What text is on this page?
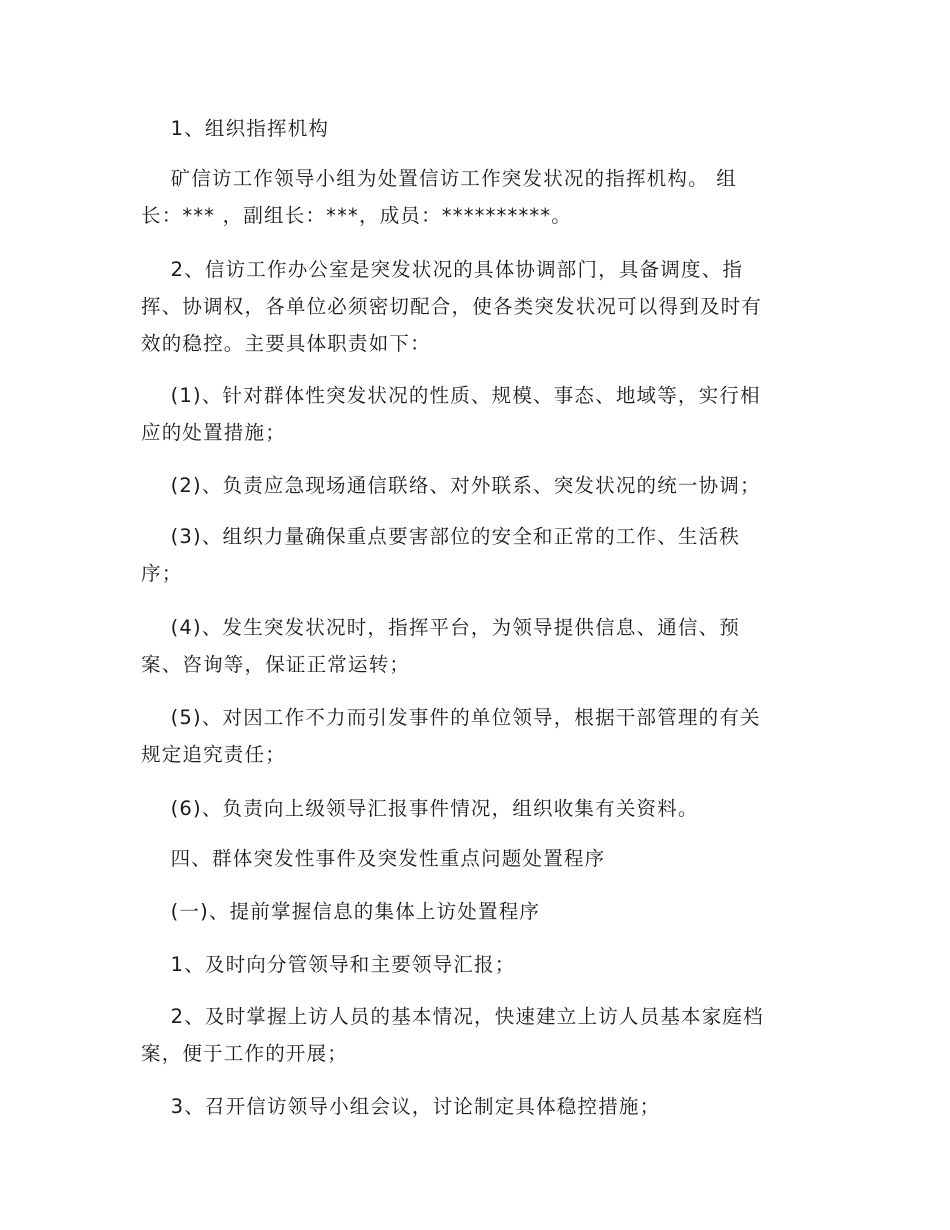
1、组织指挥机构

矿信访工作领导小组为处置信访工作突发状况的指挥机构。 组
长：*** ，副组长：***，成员：**********。

2、信访工作办公室是突发状况的具体协调部门，具备调度、指
挥、协调权，各单位必须密切配合，使各类突发状况可以得到及时有
效的稳控。主要具体职责如下：

(1)、针对群体性突发状况的性质、规模、事态、地域等，实行相
应的处置措施；

(2)、负责应急现场通信联络、对外联系、突发状况的统一协调；

(3)、组织力量确保重点要害部位的安全和正常的工作、生活秩
序；

(4)、发生突发状况时，指挥平台，为领导提供信息、通信、预
案、咨询等，保证正常运转；

(5)、对因工作不力而引发事件的单位领导，根据干部管理的有关
规定追究责任；

(6)、负责向上级领导汇报事件情况，组织收集有关资料。

四、群体突发性事件及突发性重点问题处置程序

(一)、提前掌握信息的集体上访处置程序

1、及时向分管领导和主要领导汇报；

2、及时掌握上访人员的基本情况，快速建立上访人员基本家庭档
案，便于工作的开展；

3、召开信访领导小组会议，讨论制定具体稳控措施；
